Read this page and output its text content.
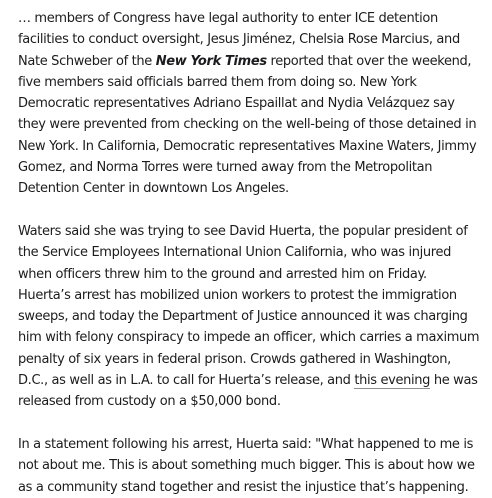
… members of Congress have legal authority to enter ICE detention facilities to conduct oversight, Jesus Jiménez, Chelsia Rose Marcius, and Nate Schweber of the New York Times reported that over the weekend, five members said officials barred them from doing so. New York Democratic representatives Adriano Espaillat and Nydia Velázquez say they were prevented from checking on the well-being of those detained in New York. In California, Democratic representatives Maxine Waters, Jimmy Gomez, and Norma Torres were turned away from the Metropolitan Detention Center in downtown Los Angeles.

Waters said she was trying to see David Huerta, the popular president of the Service Employees International Union California, who was injured when officers threw him to the ground and arrested him on Friday. Huerta’s arrest has mobilized union workers to protest the immigration sweeps, and today the Department of Justice announced it was charging him with felony conspiracy to impede an officer, which carries a maximum penalty of six years in federal prison. Crowds gathered in Washington, D.C., as well as in L.A. to call for Huerta’s release, and this evening he was released from custody on a $50,000 bond.

In a statement following his arrest, Huerta said: "What happened to me is not about me. This is about something much bigger. This is about how we as a community stand together and resist the injustice that’s happening.
